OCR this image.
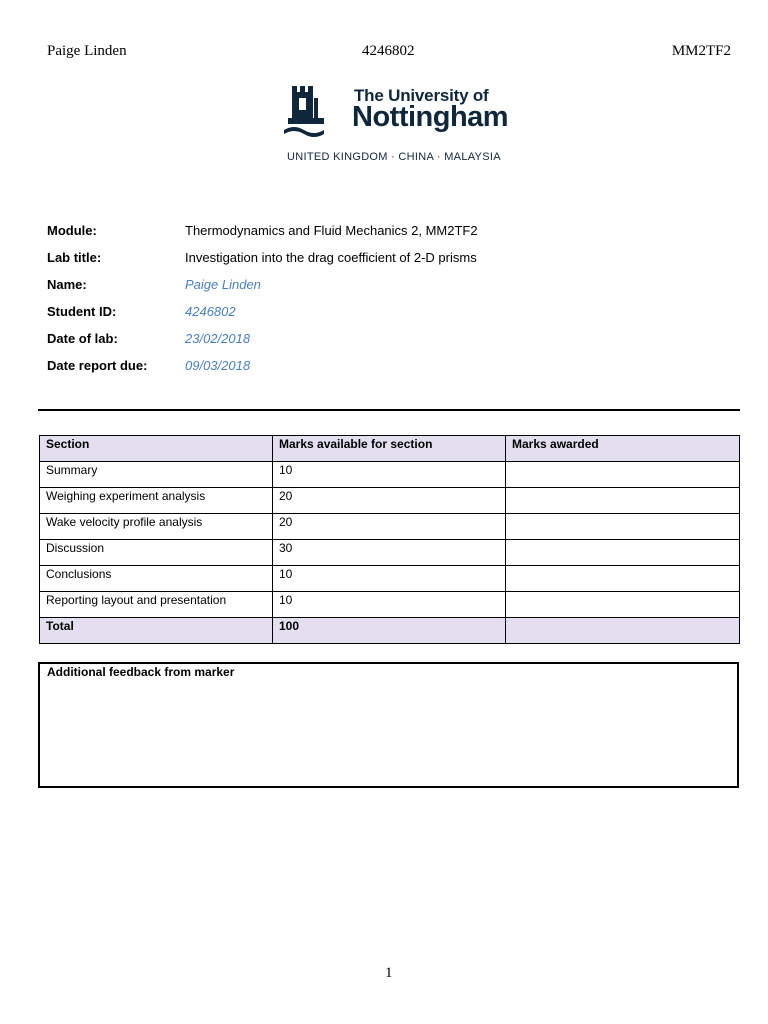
Paige Linden	4246802	MM2TF2
The University of
Nottingham
UNITED KINGDOM · CHINA · MALAYSIA
Module:	Thermodynamics and Fluid Mechanics 2, MM2TF2
Lab title:	Investigation into the drag coefficient of 2-D prisms
Name:	Paige Linden
Student ID:	4246802
Date of lab:	23/02/2018
Date report due:	09/03/2018
Section	Marks available for section	Marks awarded
Summary	10	
Weighing experiment analysis	20	
Wake velocity profile analysis	20	
Discussion	30	
Conclusions	10	
Reporting layout and presentation	10	
Total	100	
Additional feedback from marker
1
